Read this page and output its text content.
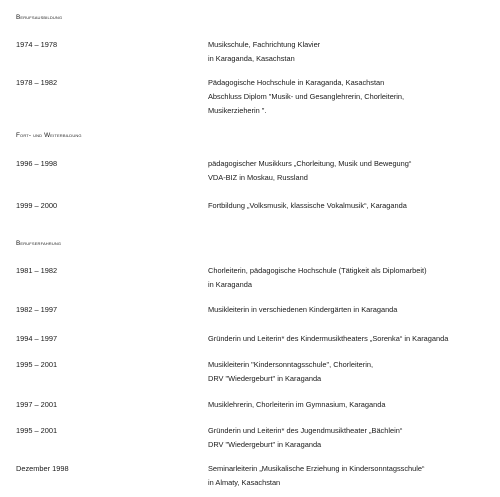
Berufsausbildung
1974 – 1978	Musikschule, Fachrichtung Klavier
in Karaganda, Kasachstan
1978 – 1982	Pädagogische Hochschule in Karaganda, Kasachstan
Abschluss Diplom "Musik- und Gesanglehrerin, Chorleiterin,
Musikerzieherin ".
Fort- und Weiterbildung
1996 – 1998	pädagogischer Musikkurs „Chorleitung, Musik und Bewegung“
VDA-BIZ in Moskau, Russland
1999 – 2000	Fortbildung „Volksmusik, klassische Vokalmusik“, Karaganda
Berufserfahrung
1981 – 1982	Chorleiterin, pädagogische Hochschule (Tätigkeit als Diplomarbeit)
in Karaganda
1982 – 1997	Musikleiterin in verschiedenen Kindergärten in Karaganda
1994 – 1997	Gründerin und Leiterin* des Kindermusiktheaters „Sorenka“ in Karaganda
1995 – 2001	Musikleiterin "Kindersonntagsschule", Chorleiterin,
DRV "Wiedergeburt" in Karaganda
1997 – 2001	Musiklehrerin, Chorleiterin im Gymnasium, Karaganda
1995 – 2001	Gründerin und Leiterin* des Jugendmusiktheater „Bächlein“
DRV "Wiedergeburt" in Karaganda
Dezember 1998	Seminarleiterin „Musikalische Erziehung in Kindersonntagsschule“
in Almaty, Kasachstan
